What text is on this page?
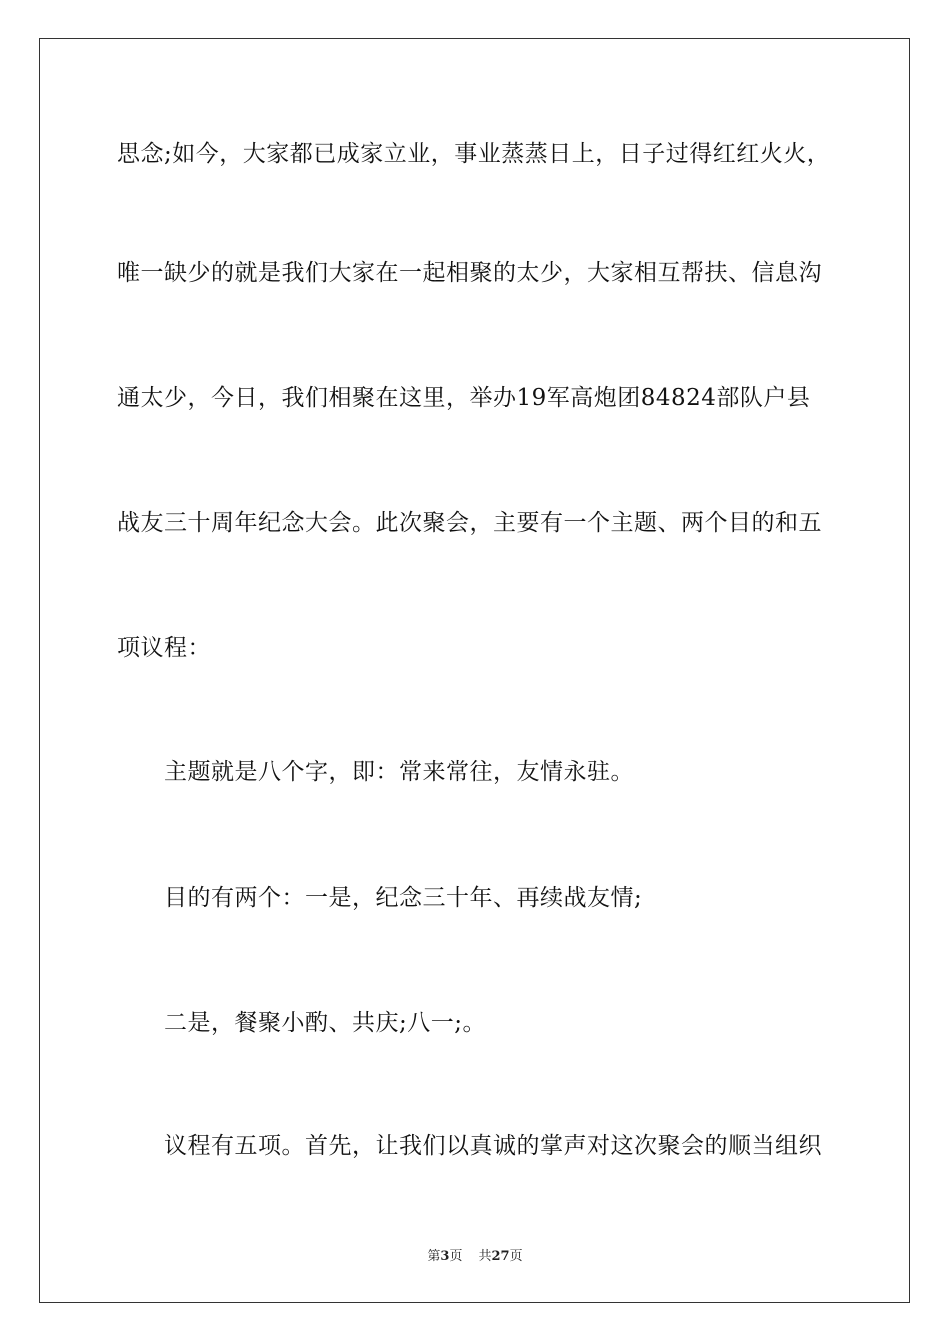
思念;如今，大家都已成家立业，事业蒸蒸日上，日子过得红红火火，
唯一缺少的就是我们大家在一起相聚的太少，大家相互帮扶、信息沟
通太少，今日，我们相聚在这里，举办19军高炮团84824部队户县
战友三十周年纪念大会。此次聚会，主要有一个主题、两个目的和五
项议程：
主题就是八个字，即：常来常往，友情永驻。
目的有两个：一是，纪念三十年、再续战友情;
二是，餐聚小酌、共庆;八一;。
议程有五项。首先，让我们以真诚的掌声对这次聚会的顺当组织
第3页 共27页
